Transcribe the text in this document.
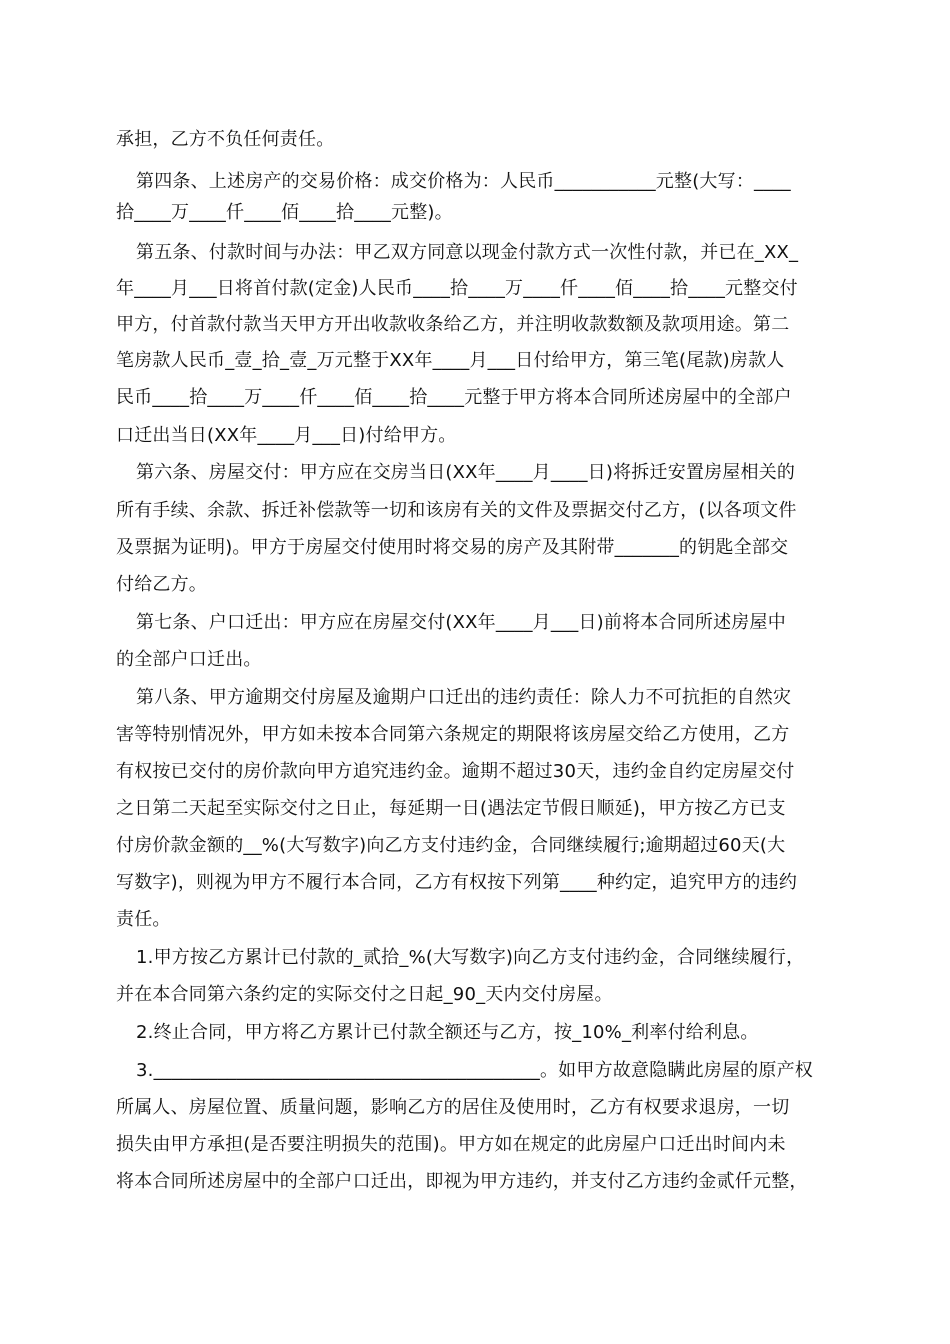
承担，乙方不负任何责任。

第四条、上述房产的交易价格：成交价格为：人民币___________元整(大写：____

拾____万____仟____佰____拾____元整)。

第五条、付款时间与办法：甲乙双方同意以现金付款方式一次性付款，并已在_XX_

年____月___日将首付款(定金)人民币____拾____万____仟____佰____拾____元整交付

甲方，付首款付款当天甲方开出收款收条给乙方，并注明收款数额及款项用途。第二

笔房款人民币_壹_拾_壹_万元整于XX年____月___日付给甲方，第三笔(尾款)房款人

民币____拾____万____仟____佰____拾____元整于甲方将本合同所述房屋中的全部户

口迁出当日(XX年____月___日)付给甲方。

第六条、房屋交付：甲方应在交房当日(XX年____月____日)将拆迁安置房屋相关的

所有手续、余款、拆迁补偿款等一切和该房有关的文件及票据交付乙方，(以各项文件

及票据为证明)。甲方于房屋交付使用时将交易的房产及其附带_______的钥匙全部交

付给乙方。

第七条、户口迁出：甲方应在房屋交付(XX年____月___日)前将本合同所述房屋中

的全部户口迁出。

第八条、甲方逾期交付房屋及逾期户口迁出的违约责任：除人力不可抗拒的自然灾

害等特别情况外，甲方如未按本合同第六条规定的期限将该房屋交给乙方使用，乙方

有权按已交付的房价款向甲方追究违约金。逾期不超过30天，违约金自约定房屋交付

之日第二天起至实际交付之日止，每延期一日(遇法定节假日顺延)，甲方按乙方已支

付房价款金额的__%(大写数字)向乙方支付违约金，合同继续履行;逾期超过60天(大

写数字)，则视为甲方不履行本合同，乙方有权按下列第____种约定，追究甲方的违约

责任。

1.甲方按乙方累计已付款的_贰拾_%(大写数字)向乙方支付违约金，合同继续履行，

并在本合同第六条约定的实际交付之日起_90_天内交付房屋。

2.终止合同，甲方将乙方累计已付款全额还与乙方，按_10%_利率付给利息。

3.__________________________________________。如甲方故意隐瞒此房屋的原产权

所属人、房屋位置、质量问题，影响乙方的居住及使用时，乙方有权要求退房，一切

损失由甲方承担(是否要注明损失的范围)。甲方如在规定的此房屋户口迁出时间内未

将本合同所述房屋中的全部户口迁出，即视为甲方违约，并支付乙方违约金贰仟元整，
